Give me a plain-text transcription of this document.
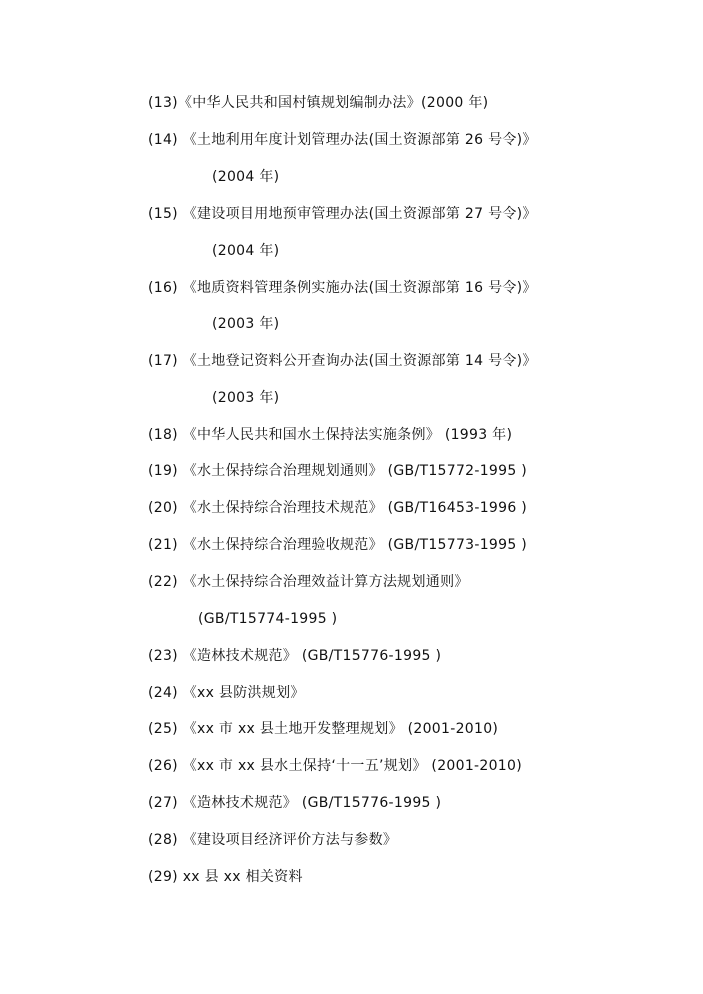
(13)《中华人民共和国村镇规划编制办法》(2000 年)
(14) 《土地利用年度计划管理办法(国土资源部第 26 号令)》
(2004 年)
(15) 《建设项目用地预审管理办法(国土资源部第 27 号令)》
(2004 年)
(16) 《地质资料管理条例实施办法(国土资源部第 16 号令)》
(2003 年)
(17) 《土地登记资料公开查询办法(国土资源部第 14 号令)》
(2003 年)
(18) 《中华人民共和国水土保持法实施条例》 (1993 年)
(19) 《水土保持综合治理规划通则》 (GB/T15772-1995 )
(20) 《水土保持综合治理技术规范》 (GB/T16453-1996 )
(21) 《水土保持综合治理验收规范》 (GB/T15773-1995 )
(22) 《水土保持综合治理效益计算方法规划通则》
(GB/T15774-1995 )
(23) 《造林技术规范》 (GB/T15776-1995 )
(24) 《xx 县防洪规划》
(25) 《xx 市 xx 县土地开发整理规划》 (2001-2010)
(26) 《xx 市 xx 县水土保持‘十一五’规划》 (2001-2010)
(27) 《造林技术规范》 (GB/T15776-1995 )
(28) 《建设项目经济评价方法与参数》
(29) xx 县 xx 相关资料
